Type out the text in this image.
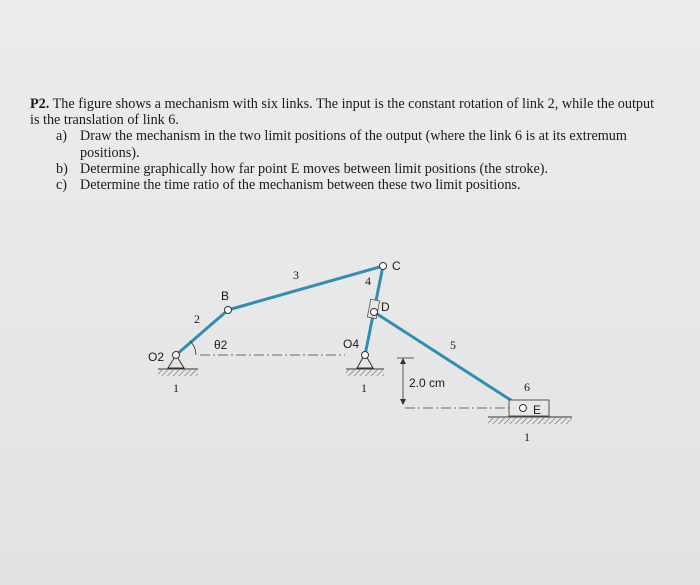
P2. The figure shows a mechanism with six links. The input is the constant rotation of link 2, while the output is the translation of link 6.

a) Draw the mechanism in the two limit positions of the output (where the link 6 is at its extremum positions).
b) Determine graphically how far point E moves between limit positions (the stroke).
c) Determine the time ratio of the mechanism between these two limit positions.
O2
O4
B
C
D
E
θ2
1	1
1
2
3	4
5
6
2.0 cm
